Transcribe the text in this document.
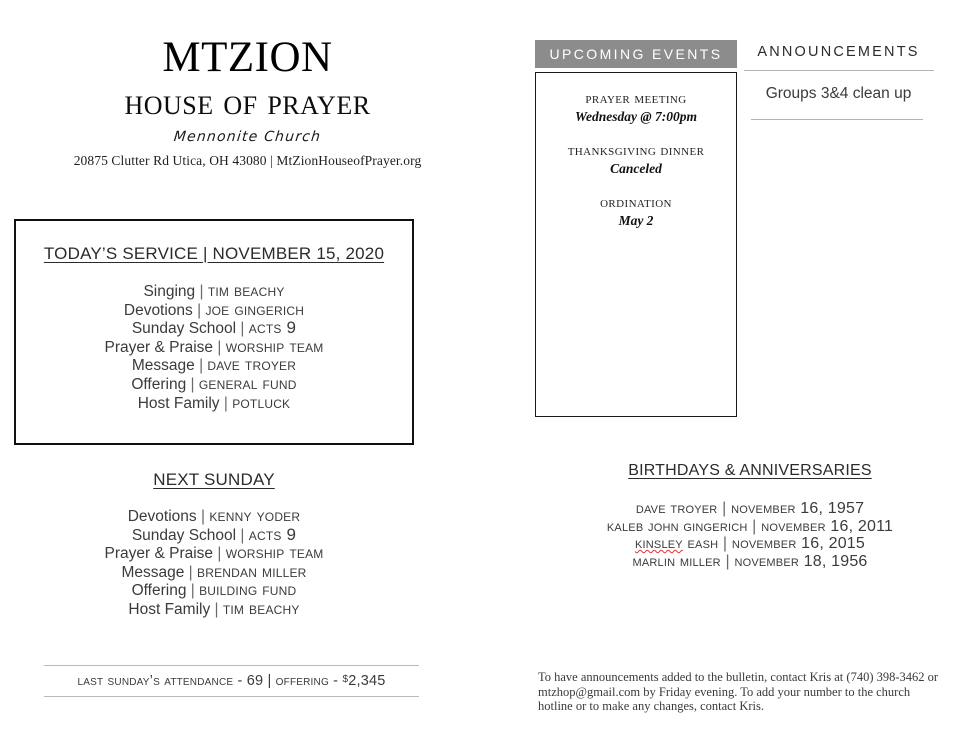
mtzion
house of prayer
Mennonite Church
20875 Clutter Rd Utica, OH 43080 | MtZionHouseofPrayer.org
TODAY’S SERVICE | NOVEMBER 15, 2020
Singing | tim beachy
Devotions | joe gingerich
Sunday School | acts 9
Prayer & Praise | worship team
Message | dave troyer
Offering | general fund
Host Family | potluck
NEXT SUNDAY
Devotions | kenny yoder
Sunday School | acts 9
Prayer & Praise | worship team
Message | brendan miller
Offering | building fund
Host Family | tim beachy
last sunday’s attendance - 69 | offering - $2,345
UPCOMING EVENTS
prayer meeting
Wednesday @ 7:00pm
thanksgiving dinner
Canceled
ordination
May 2
ANNOUNCEMENTS
Groups 3&4 clean up
BIRTHDAYS & ANNIVERSARIES
dave troyer | november 16, 1957
kaleb john gingerich | november 16, 2011
kinsley eash | november 16, 2015
marlin miller | november 18, 1956
To have announcements added to the bulletin, contact Kris at (740) 398-3462 or mtzhop@gmail.com by Friday evening. To add your number to the church hotline or to make any changes, contact Kris.
